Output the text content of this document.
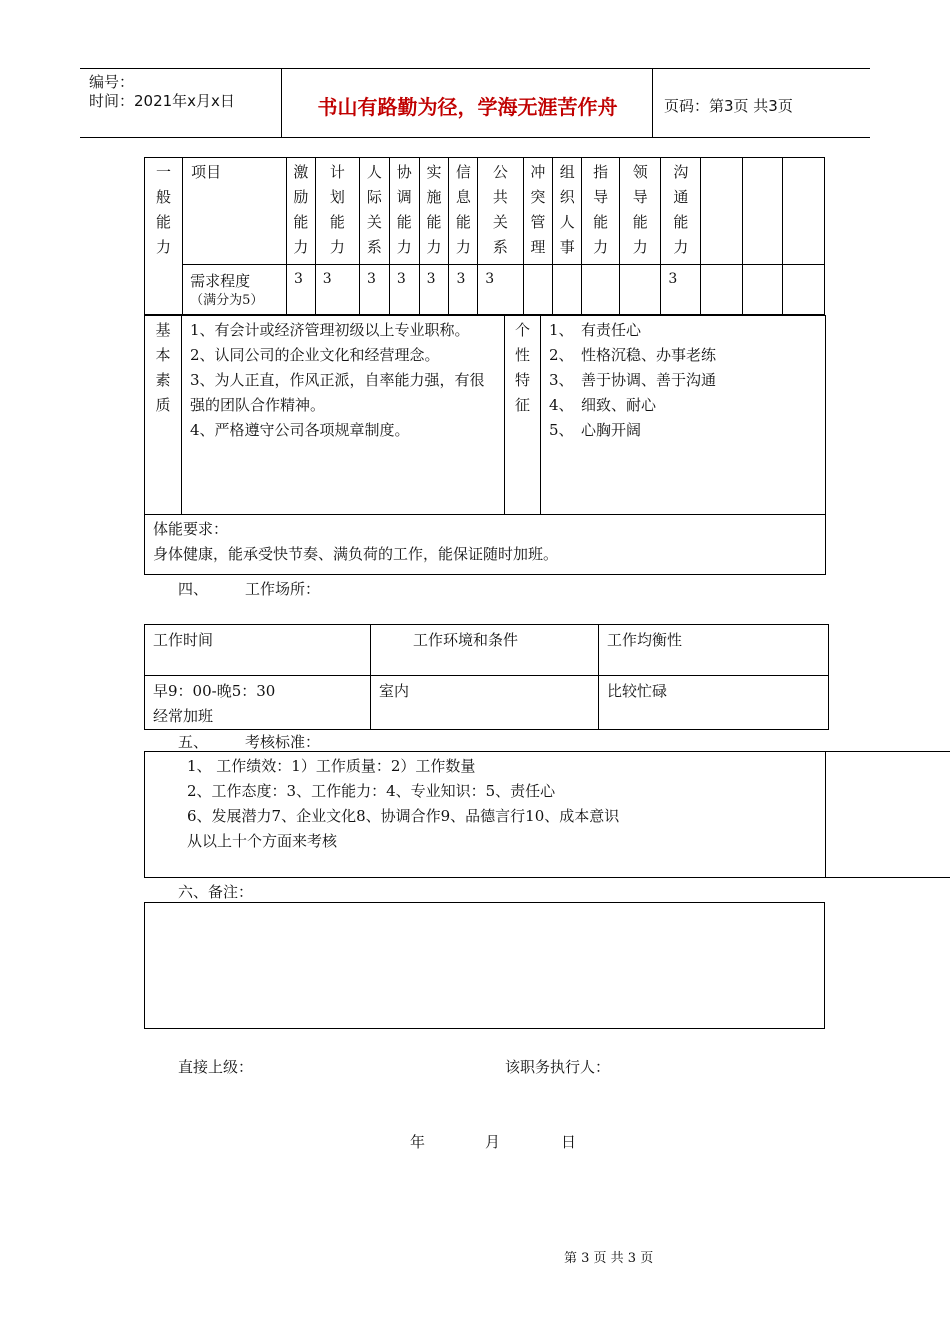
编号：
时间：2021年x月x日	书山有路勤为径，学海无涯苦作舟	页码：第3页 共3页
一
般
能
力	项目	激
励
能
力	计
划
能
力	人
际
关
系	协
调
能
力	实
施
能
力	信
息
能
力	公
共
关
系	冲
突
管
理	组
织
人
事	指
导
能
力	领
导
能
力	沟
通
能
力			

	需求程度
（满分为5）	3	3	3	3	3	3	3					3			
基
本
素
质

1、有会计或经济管理初级以上专业职称。
2、认同公司的企业文化和经营理念。
3、为人正直，作风正派，自率能力强，有很强的团队合作精神。
4、严格遵守公司各项规章制度。

个
性
特
征

1、　有责任心
2、　性格沉稳、办事老练
3、　善于协调、善于沟通
4、　细致、耐心
5、　心胸开阔

体能要求：
身体健康，能承受快节奏、满负荷的工作，能保证随时加班。
四、 工作场所：
工作时间	工作环境和条件	工作均衡性

早9：00-晚5：30
经常加班	室内	比较忙碌
五、 考核标准：
1、 工作绩效：1）工作质量：2）工作数量
2、工作态度：3、工作能力：4、专业知识：5、责任心
6、发展潜力7、企业文化8、协调合作9、品德言行10、成本意识
从以上十个方面来考核

六、备注：
直接上级：	该职务执行人：
年	月	日
第 3 页 共 3 页
